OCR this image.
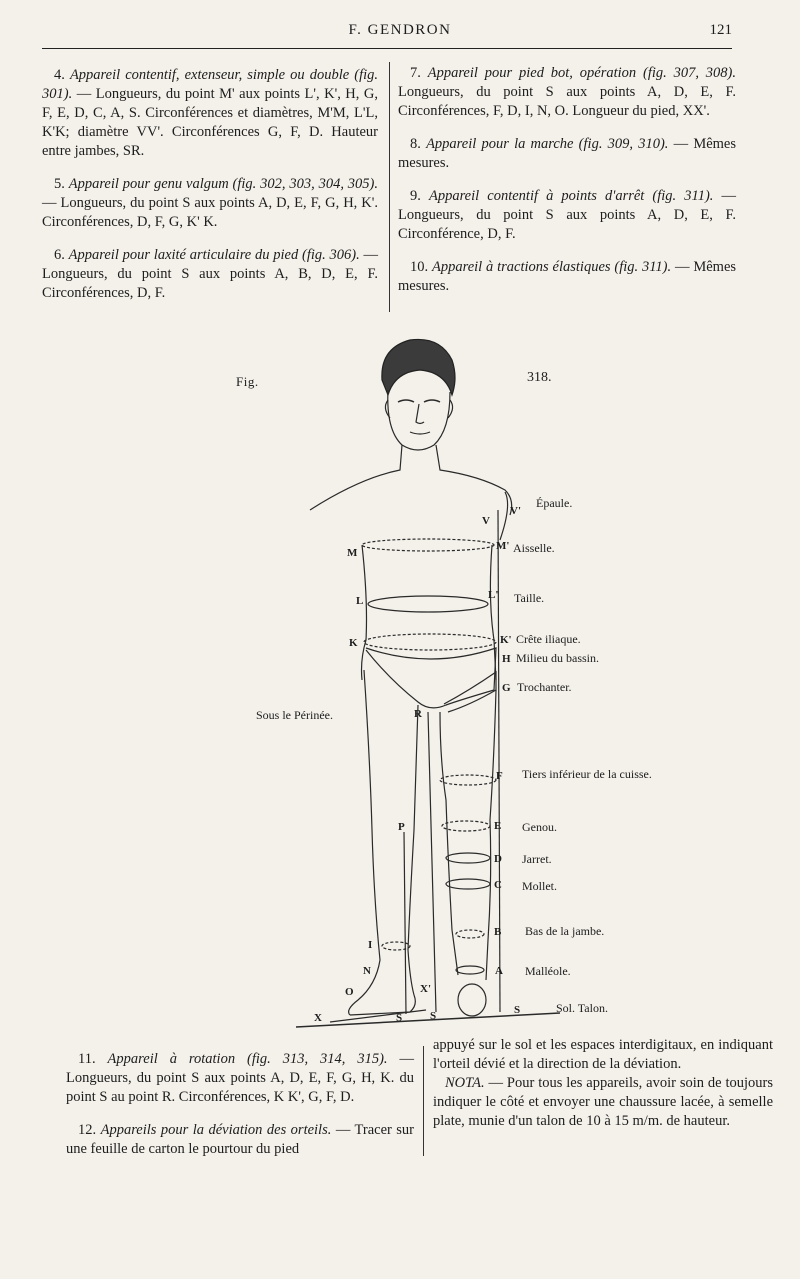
F. GENDRON	121

4. Appareil contentif, extenseur, simple ou double (fig. 301). — Longueurs, du point M' aux points L', K', H, G, F, E, D, C, A, S. Circonférences et diamètres, M'M, L'L, K'K; diamètre VV'. Circonférences G, F, D. Hauteur entre jambes, SR.

5. Appareil pour genu valgum (fig. 302, 303, 304, 305). — Longueurs, du point S aux points A, D, E, F, G, H, K'. Circonférences, D, F, G, K' K.

6. Appareil pour laxité articulaire du pied (fig. 306). — Longueurs, du point S aux points A, B, D, E, F. Circonférences, D, F.

7. Appareil pour pied bot, opération (fig. 307, 308). Longueurs, du point S aux points A, D, E, F. Circonférences, F, D, I, N, O. Longueur du pied, XX'.

8. Appareil pour la marche (fig. 309, 310). — Mêmes mesures.

9. Appareil contentif à points d'arrêt (fig. 311). — Longueurs, du point S aux points A, D, E, F. Circonférence, D, F.

10. Appareil à tractions élastiques (fig. 311). — Mêmes mesures.

Fig.	318.
Épaule.
Aisselle.
Taille.
Crête iliaque.
Milieu du bassin.
Trochanter.
Sous le Périnée.
Tiers inférieur de la cuisse.
Genou.
Jarret.
Mollet.
Bas de la jambe.
Malléole.
Sol. Talon.
V
V'
M
M'
L	L'
K	K'
H
G
R
F
P	E
D
C
B
A
I
N
O	X'
X	S	S	S

11. Appareil à rotation (fig. 313, 314, 315). — Longueurs, du point S aux points A, D, E, F, G, H, K. du point S au point R. Circonférences, K K', G, F, D.

12. Appareils pour la déviation des orteils. — Tracer sur une feuille de carton le pourtour du pied

appuyé sur le sol et les espaces interdigitaux, en indiquant l'orteil dévié et la direction de la déviation.

NOTA. — Pour tous les appareils, avoir soin de toujours indiquer le côté et envoyer une chaussure lacée, à semelle plate, munie d'un talon de 10 à 15 m/m. de hauteur.
